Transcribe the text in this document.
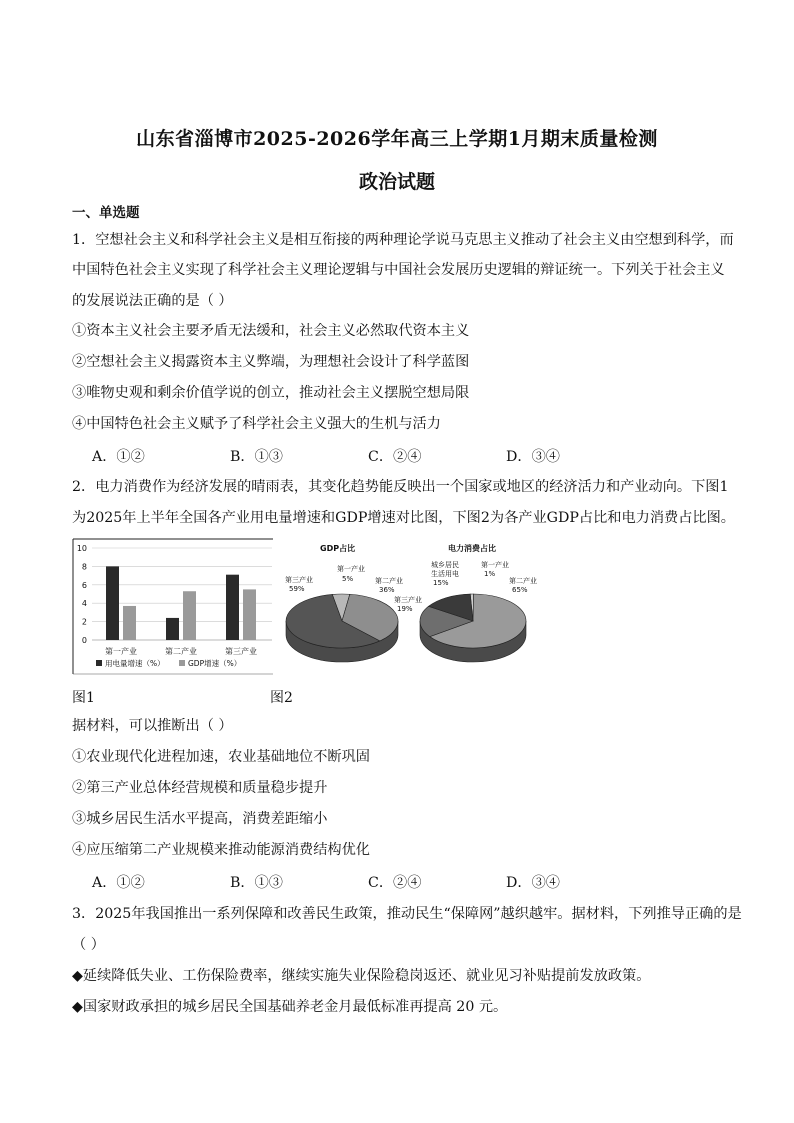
山东省淄博市2025-2026学年高三上学期1月期末质量检测
政治试题
一、单选题
1．空想社会主义和科学社会主义是相互衔接的两种理论学说马克思主义推动了社会主义由空想到科学，而
中国特色社会主义实现了科学社会主义理论逻辑与中国社会发展历史逻辑的辩证统一。下列关于社会主义
的发展说法正确的是（ ）
①资本主义社会主要矛盾无法缓和，社会主义必然取代资本主义
②空想社会主义揭露资本主义弊端，为理想社会设计了科学蓝图
③唯物史观和剩余价值学说的创立，推动社会主义摆脱空想局限
④中国特色社会主义赋予了科学社会主义强大的生机与活力
A．①②	B．①③	C．②④	D．③④
2．电力消费作为经济发展的晴雨表，其变化趋势能反映出一个国家或地区的经济活力和产业动向。下图1
为2025年上半年全国各产业用电量增速和GDP增速对比图，下图2为各产业GDP占比和电力消费占比图。
0
2
4
6
8
10
第一产业	第二产业	第三产业
用电量增速（%）	GDP增速（%）
GDP占比	电力消费占比
第三产业
59%
第一产业
5%	第二产业
36%
城乡居民
生活用电
15%
第一产业
1%
第二产业
65%
第三产业
19%
图1	图2
据材料，可以推断出（ ）
①农业现代化进程加速，农业基础地位不断巩固
②第三产业总体经营规模和质量稳步提升
③城乡居民生活水平提高，消费差距缩小
④应压缩第二产业规模来推动能源消费结构优化
A．①②	B．①③	C．②④	D．③④
3．2025年我国推出一系列保障和改善民生政策，推动民生“保障网”越织越牢。据材料，下列推导正确的是
（ ）
◆延续降低失业、工伤保险费率，继续实施失业保险稳岗返还、就业见习补贴提前发放政策。
◆国家财政承担的城乡居民全国基础养老金月最低标准再提高 20 元。
